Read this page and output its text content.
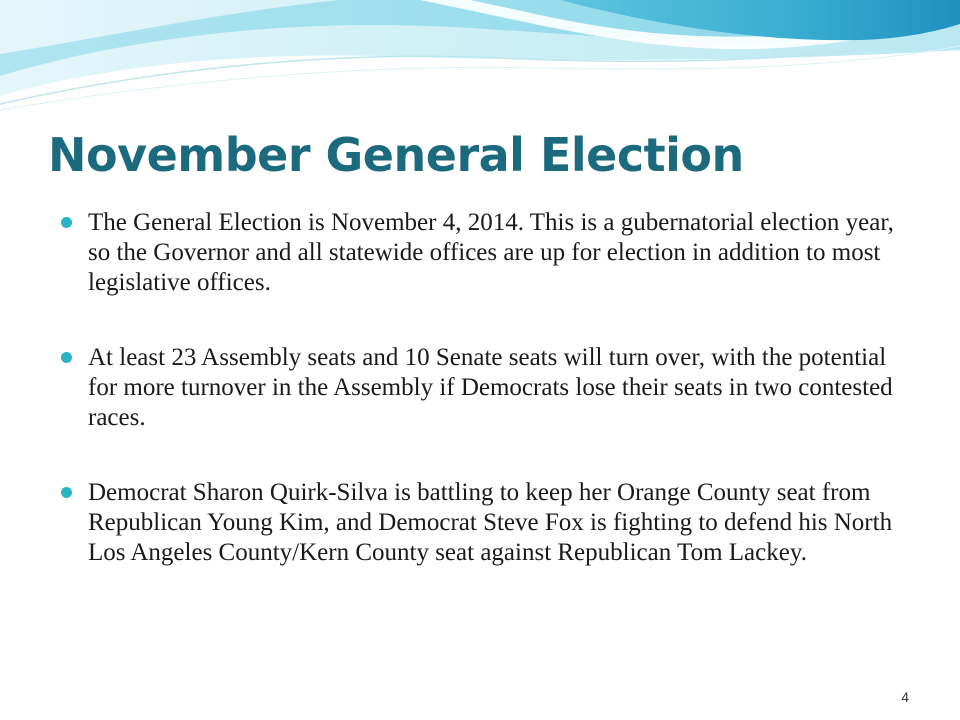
November General Election
The General Election is November 4, 2014. This is a gubernatorial election year, so the Governor and all statewide offices are up for election in addition to most legislative offices.
At least 23 Assembly seats and 10 Senate seats will turn over, with the potential for more turnover in the Assembly if Democrats lose their seats in two contested races.
Democrat Sharon Quirk-Silva is battling to keep her Orange County seat from Republican Young Kim, and Democrat Steve Fox is fighting to defend his North Los Angeles County/Kern County seat against Republican Tom Lackey.
4
